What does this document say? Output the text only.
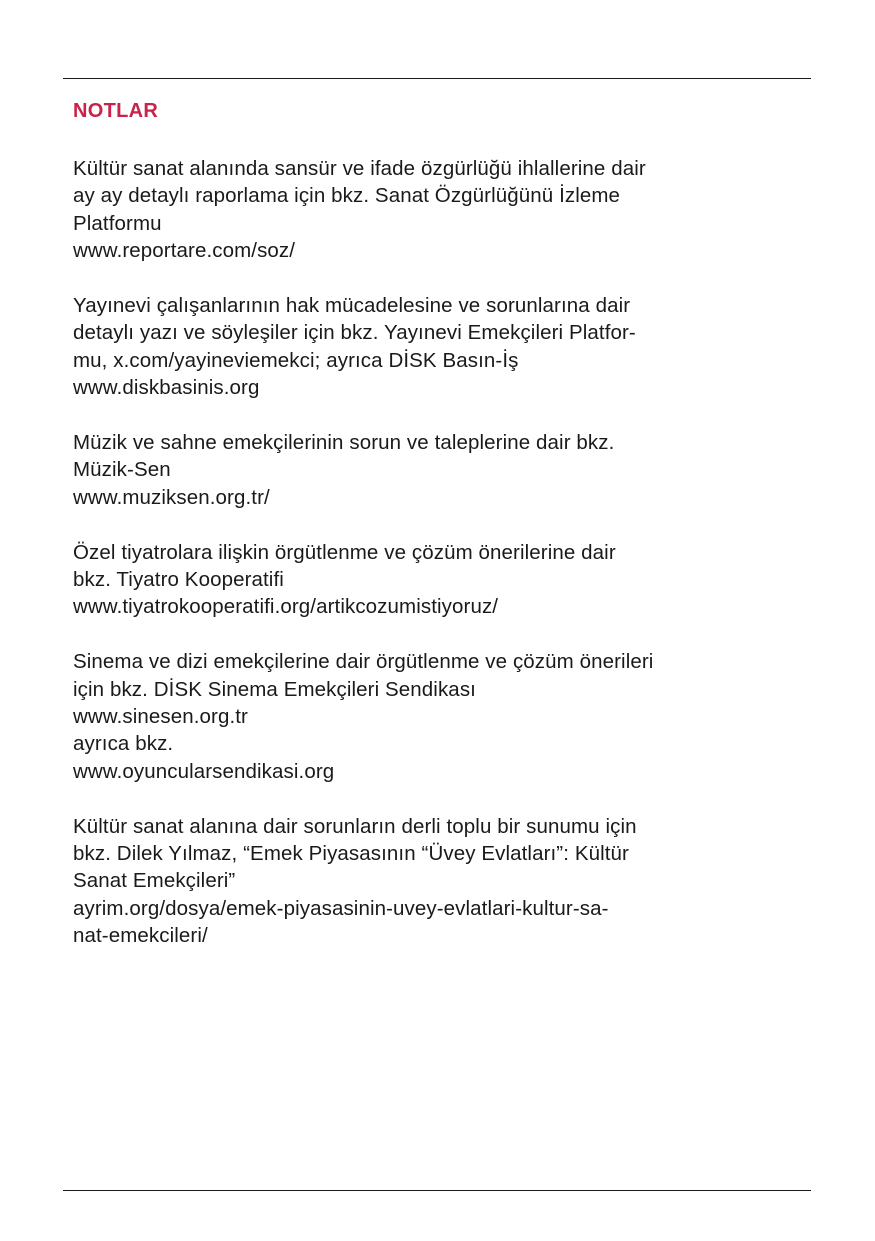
NOTLAR

Kültür sanat alanında sansür ve ifade özgürlüğü ihlallerine dair
ay ay detaylı raporlama için bkz. Sanat Özgürlüğünü İzleme
Platformu
www.reportare.com/soz/

Yayınevi çalışanlarının hak mücadelesine ve sorunlarına dair
detaylı yazı ve söyleşiler için bkz. Yayınevi Emekçileri Platfor-
mu, x.com/yayineviemekci; ayrıca DİSK Basın-İş
www.diskbasinis.org

Müzik ve sahne emekçilerinin sorun ve taleplerine dair bkz.
Müzik-Sen
www.muziksen.org.tr/

Özel tiyatrolara ilişkin örgütlenme ve çözüm önerilerine dair
bkz. Tiyatro Kooperatifi
www.tiyatrokooperatifi.org/artikcozumistiyoruz/

Sinema ve dizi emekçilerine dair örgütlenme ve çözüm önerileri
için bkz. DİSK Sinema Emekçileri Sendikası
www.sinesen.org.tr
ayrıca bkz.
www.oyuncularsendikasi.org

Kültür sanat alanına dair sorunların derli toplu bir sunumu için
bkz. Dilek Yılmaz, “Emek Piyasasının “Üvey Evlatları”: Kültür
Sanat Emekçileri”
ayrim.org/dosya/emek-piyasasinin-uvey-evlatlari-kultur-sa-
nat-emekcileri/
